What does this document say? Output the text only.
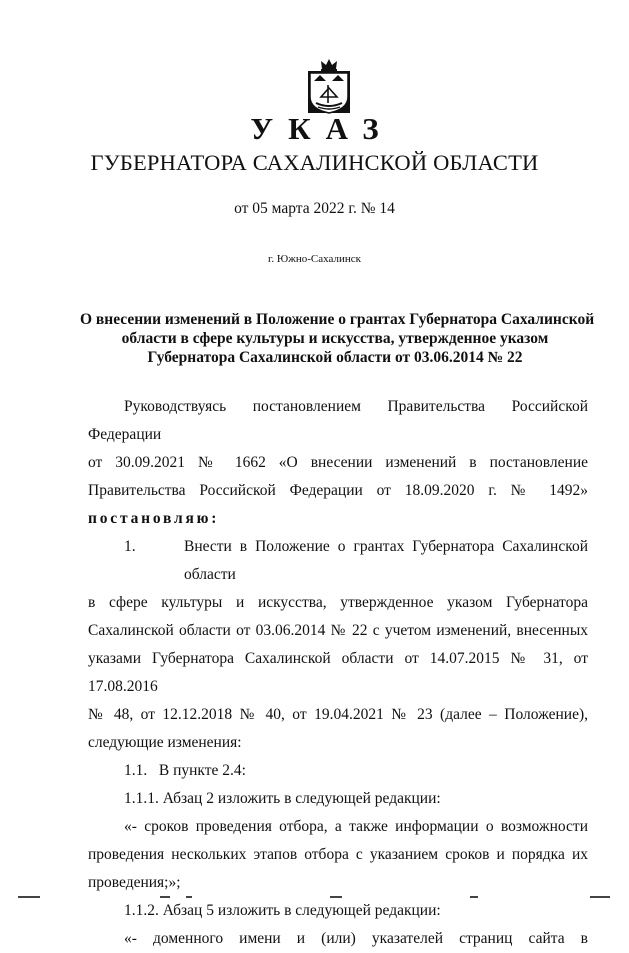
УКАЗ
ГУБЕРНАТОРА САХАЛИНСКОЙ ОБЛАСТИ
от 05 марта 2022 г. № 14
г. Южно-Сахалинск
О внесении изменений в Положение о грантах Губернатора Сахалинской
области в сфере культуры и искусства, утвержденное указом
Губернатора Сахалинской области от 03.06.2014 № 22
Руководствуясь постановлением Правительства Российской Федерации
от 30.09.2021 № 1662 «О внесении изменений в постановление
Правительства Российской Федерации от 18.09.2020 г. № 1492»
постановляю:
1.	Внести в Положение о грантах Губернатора Сахалинской области
в сфере культуры и искусства, утвержденное указом Губернатора
Сахалинской области от 03.06.2014 № 22 с учетом изменений, внесенных
указами Губернатора Сахалинской области от 14.07.2015 № 31, от 17.08.2016
№ 48, от 12.12.2018 № 40, от 19.04.2021 № 23 (далее – Положение),
следующие изменения:
1.1.   В пункте 2.4:
1.1.1. Абзац 2 изложить в следующей редакции:
«- сроков проведения отбора, а также информации о возможности
проведения нескольких этапов отбора с указанием сроков и порядка их
проведения;»;
1.1.2. Абзац 5 изложить в следующей редакции:
«- доменного имени и (или) указателей страниц сайта в
